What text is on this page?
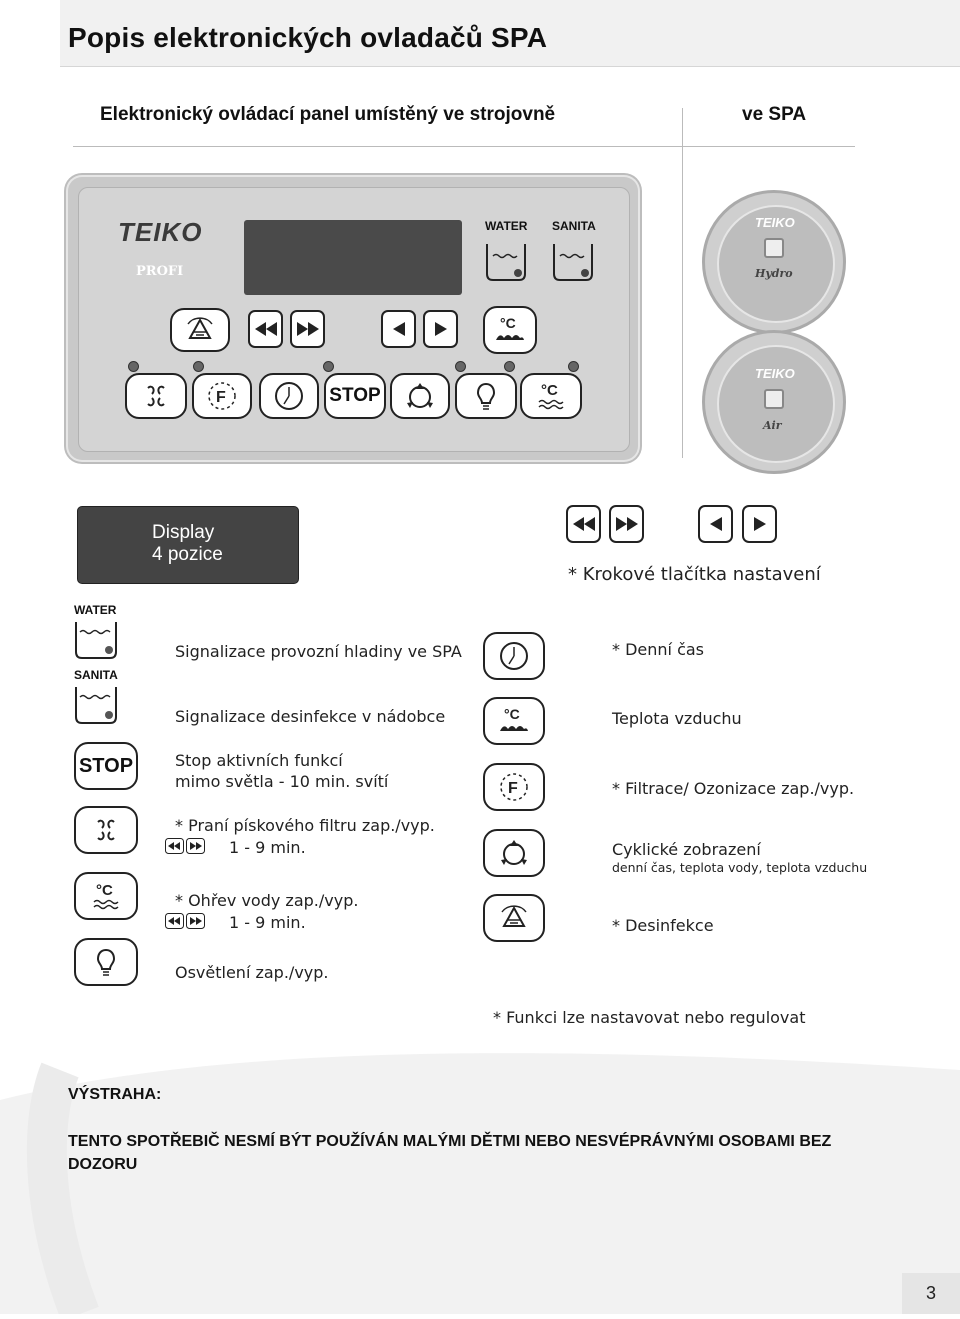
Popis elektronických ovladačů SPA
Elektronický ovládací panel umístěný ve strojovně	ve SPA
TEIKO
PROFI
WATER SANITA
°C
F	STOP	°C
TEIKO
Hydro
TEIKO
Air
Display
4 pozice
* Krokové tlačítka nastavení
WATER
SANITA
STOP
°C
Signalizace provozní hladiny ve SPA
Signalizace desinfekce v nádobce
Stop aktivních funkcí
mimo světla - 10 min. svítí
* Praní pískového filtru zap./vyp.
1 - 9 min.
* Ohřev vody zap./vyp.
1 - 9 min.
Osvětlení zap./vyp.
°C
F
* Denní čas
Teplota vzduchu
* Filtrace/ Ozonizace zap./vyp.
Cyklické zobrazení
denní čas, teplota vody, teplota vzduchu
* Desinfekce
* Funkci lze nastavovat nebo regulovat
VÝSTRAHA:
TENTO SPOTŘEBIČ NESMÍ BÝT POUŽÍVÁN MALÝMI DĚTMI NEBO NESVÉPRÁVNÝMI OSOBAMI BEZ DOZORU
3
